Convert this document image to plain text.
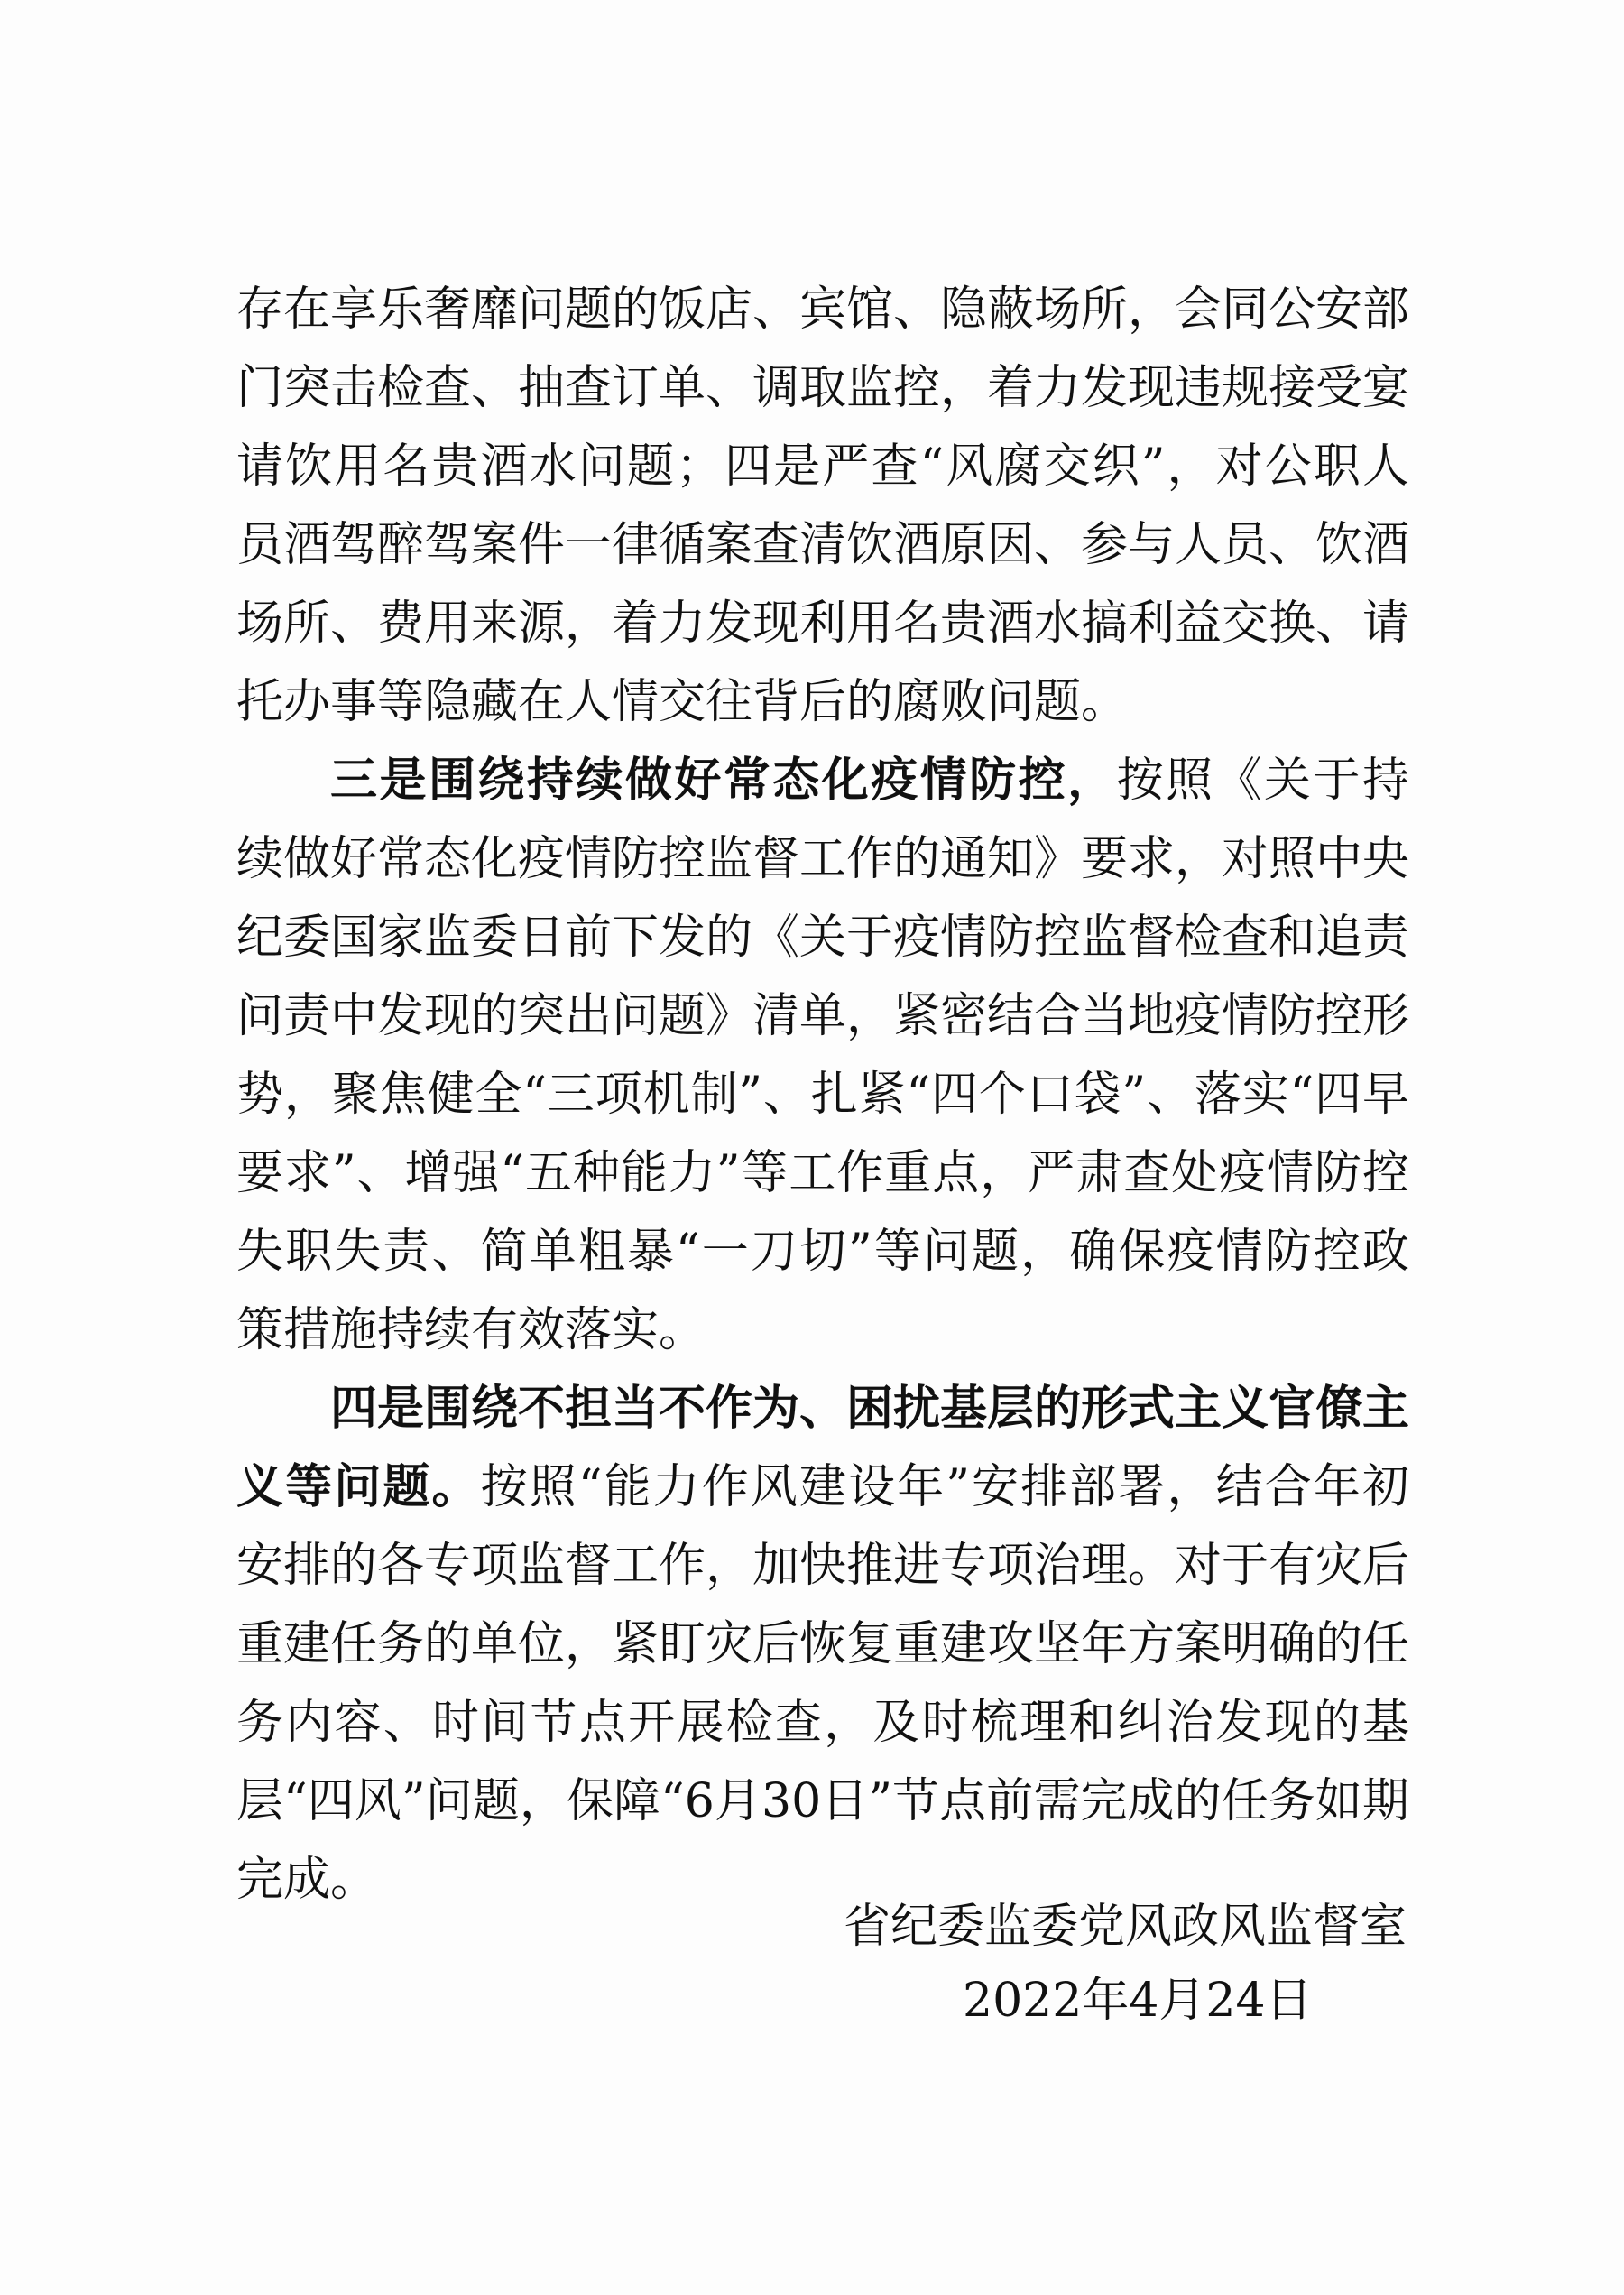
存在享乐奢靡问题的饭店、宾馆、隐蔽场所，会同公安部门突击检查、抽查订单、调取监控，着力发现违规接受宴请饮用名贵酒水问题；四是严查“风腐交织”，对公职人员酒驾醉驾案件一律循案查清饮酒原因、参与人员、饮酒场所、费用来源，着力发现利用名贵酒水搞利益交换、请托办事等隐藏在人情交往背后的腐败问题。

三是围绕持续做好常态化疫情防控，按照《关于持续做好常态化疫情防控监督工作的通知》要求，对照中央纪委国家监委日前下发的《关于疫情防控监督检查和追责问责中发现的突出问题》清单，紧密结合当地疫情防控形势，聚焦健全“三项机制”、扎紧“四个口袋”、落实“四早要求”、增强“五种能力”等工作重点，严肃查处疫情防控失职失责、简单粗暴“一刀切”等问题，确保疫情防控政策措施持续有效落实。

四是围绕不担当不作为、困扰基层的形式主义官僚主义等问题。按照“能力作风建设年”安排部署，结合年初安排的各专项监督工作，加快推进专项治理。对于有灾后重建任务的单位，紧盯灾后恢复重建攻坚年方案明确的任务内容、时间节点开展检查，及时梳理和纠治发现的基层“四风”问题，保障“6月30日”节点前需完成的任务如期完成。

省纪委监委党风政风监督室
2022年4月24日
